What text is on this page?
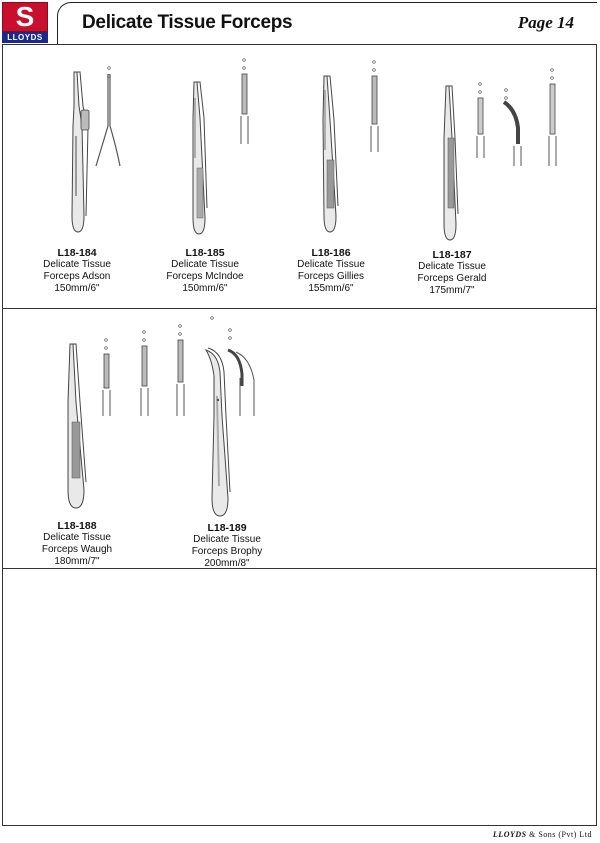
S
LLOYDS
Delicate Tissue Forceps	Page 14
L18-184
Delicate Tissue
Forceps Adson
150mm/6"
L18-185
Delicate Tissue
Forceps McIndoe
150mm/6"
L18-186
Delicate Tissue
Forceps Gillies
155mm/6"
L18-187
Delicate Tissue
Forceps Gerald
175mm/7"
L18-188
Delicate Tissue
Forceps Waugh
180mm/7"
L18-189
Delicate Tissue
Forceps Brophy
200mm/8"
LLOYDS & Sons (Pvt) Ltd
